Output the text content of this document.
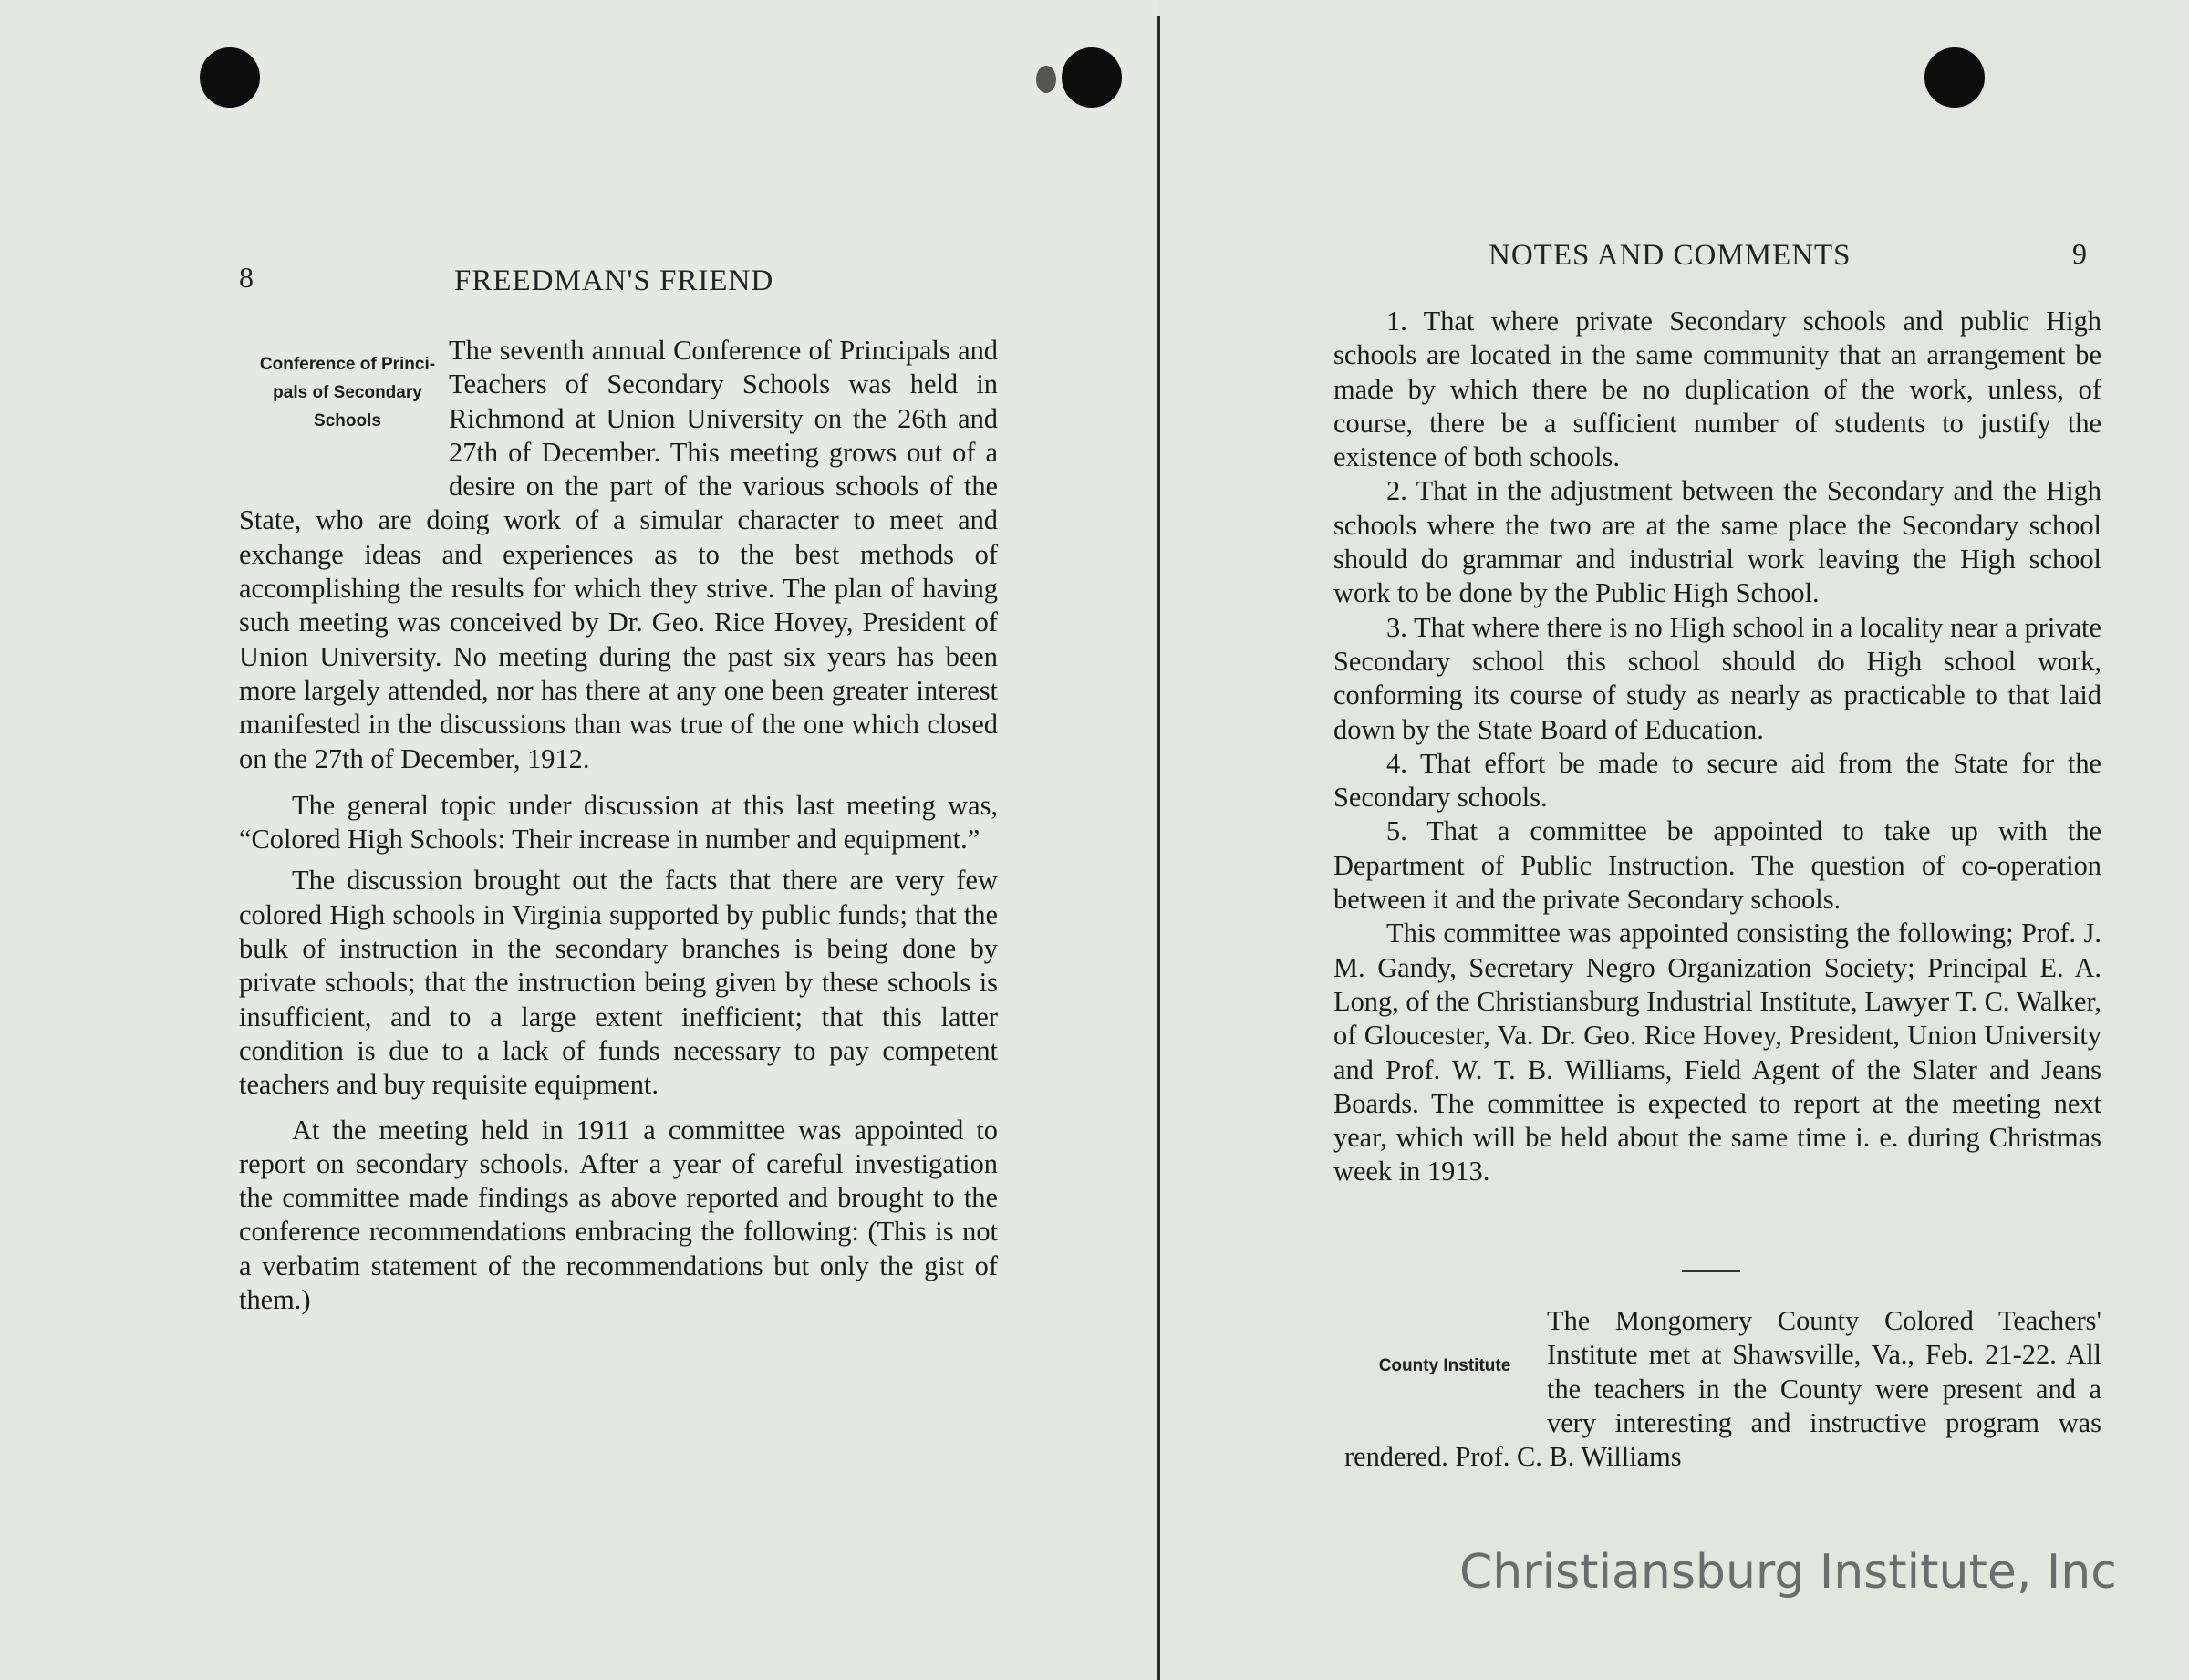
8	FREEDMAN'S FRIEND

The seventh annual Conference of Principals and Teachers of Secondary Schools was held in Richmond at Union University on the 26th and 27th of December. This meeting grows out of a desire on the part of the various schools of the State, who are doing work of a simular character to meet and exchange ideas and experiences as to the best methods of accomplishing the results for which they strive. The plan of having such meeting was conceived by Dr. Geo. Rice Hovey, President of Union University. No meeting during the past six years has been more largely attended, nor has there at any one been greater interest manifested in the discussions than was true of the one which closed on the 27th of December, 1912.

The general topic under discussion at this last meeting was, “Colored High Schools: Their increase in number and equipment.”

The discussion brought out the facts that there are very few colored High schools in Virginia supported by public funds; that the bulk of instruction in the secondary branches is being done by private schools; that the instruction being given by these schools is insufficient, and to a large extent inefficient; that this latter condition is due to a lack of funds necessary to pay competent teachers and buy requisite equipment.

At the meeting held in 1911 a committee was appointed to report on secondary schools. After a year of careful investigation the committee made findings as above reported and brought to the conference recommendations embracing the following: (This is not a verbatim statement of the recommendations but only the gist of them.)

Conference of Princi- pals of Secondary Schools
NOTES AND COMMENTS	9

1. That where private Secondary schools and public High schools are located in the same community that an arrangement be made by which there be no duplication of the work, unless, of course, there be a sufficient number of students to justify the existence of both schools.

2. That in the adjustment between the Secondary and the High schools where the two are at the same place the Secondary school should do grammar and industrial work leaving the High school work to be done by the Public High School.

3. That where there is no High school in a locality near a private Secondary school this school should do High school work, conforming its course of study as nearly as practicable to that laid down by the State Board of Education.

4. That effort be made to secure aid from the State for the Secondary schools.

5. That a committee be appointed to take up with the Department of Public Instruction. The question of co-operation between it and the private Secondary schools.

This committee was appointed consisting the following; Prof. J. M. Gandy, Secretary Negro Organization Society; Principal E. A. Long, of the Christiansburg Industrial Institute, Lawyer T. C. Walker, of Gloucester, Va. Dr. Geo. Rice Hovey, President, Union University and Prof. W. T. B. Williams, Field Agent of the Slater and Jeans Boards. The committee is expected to report at the meeting next year, which will be held about the same time i. e. during Christmas week in 1913.

The Mongomery County Colored Teachers' Institute met at Shawsville, Va., Feb. 21-22. All the teachers in the County were present and a very interesting and instructive program was rendered. Prof. C. B. Williams

County Institute
Christiansburg Institute, Inc
